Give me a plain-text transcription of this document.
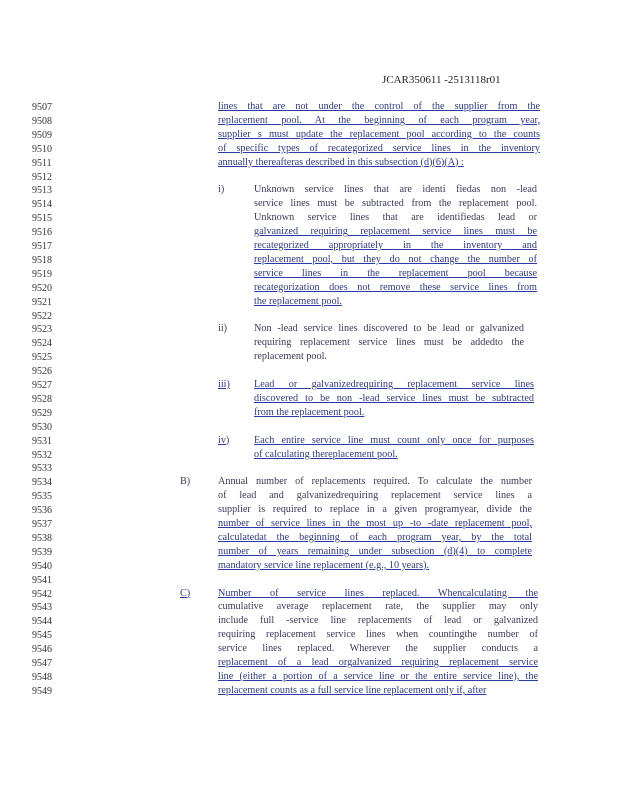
JCAR350611 -2513118r01
9507
9508
9509
9510
9511
9512
9513
9514
9515
9516
9517
9518
9519
9520
9521
9522
9523
9524
9525
9526
9527
9528
9529
9530
9531
9532
9533
9534
9535
9536
9537
9538
9539
9540
9541
9542
9543
9544
9545
9546
9547
9548
9549
lines that are not under the control of the supplier from the
replacement pool. At the beginning of each program year,
supplier s must update the replacement pool according to the counts
of specific types of recategorized service lines in the inventory
annually thereafteras described in this subsection (d)(6)(A) :
i)	Unknown service lines that are identi fiedas non -lead
service lines must be subtracted from the replacement pool.
Unknown service lines that are identifiedas lead or
galvanized requiring replacement service lines must be
recategorized appropriately in the inventory and
replacement pool, but they do not change the number of
service lines in the replacement pool because
recategorization does not remove these service lines from
the replacement pool.
ii)	Non -lead service lines discovered to be lead or galvanized
requiring replacement service lines must be addedto the
replacement pool.
iii) Lead or galvanizedrequiring replacement service lines
discovered to be non -lead service lines must be subtracted
from the replacement pool.
iv) Each entire service line must count only once for purposes
of calculating thereplacement pool.
B)	Annual number of replacements required. To calculate the number
of lead and galvanizedrequiring replacement service lines a
supplier is required to replace in a given programyear, divide the
number of service lines in the most up -to -date replacement pool,
calculatedat the beginning of each program year, by the total
number of years remaining under subsection (d)(4) to complete
mandatory service line replacement (e.g., 10 years).
C)	Number of service lines replaced. Whencalculating the
cumulative average replacement rate, the supplier may only
include full -service line replacements of lead or galvanized
requiring replacement service lines when countingthe number of
service lines replaced. Wherever the supplier conducts a
replacement of a lead orgalvanized requiring replacement service
line (either a portion of a service line or the entire service line), the
replacement counts as a full service line replacement only if, after
